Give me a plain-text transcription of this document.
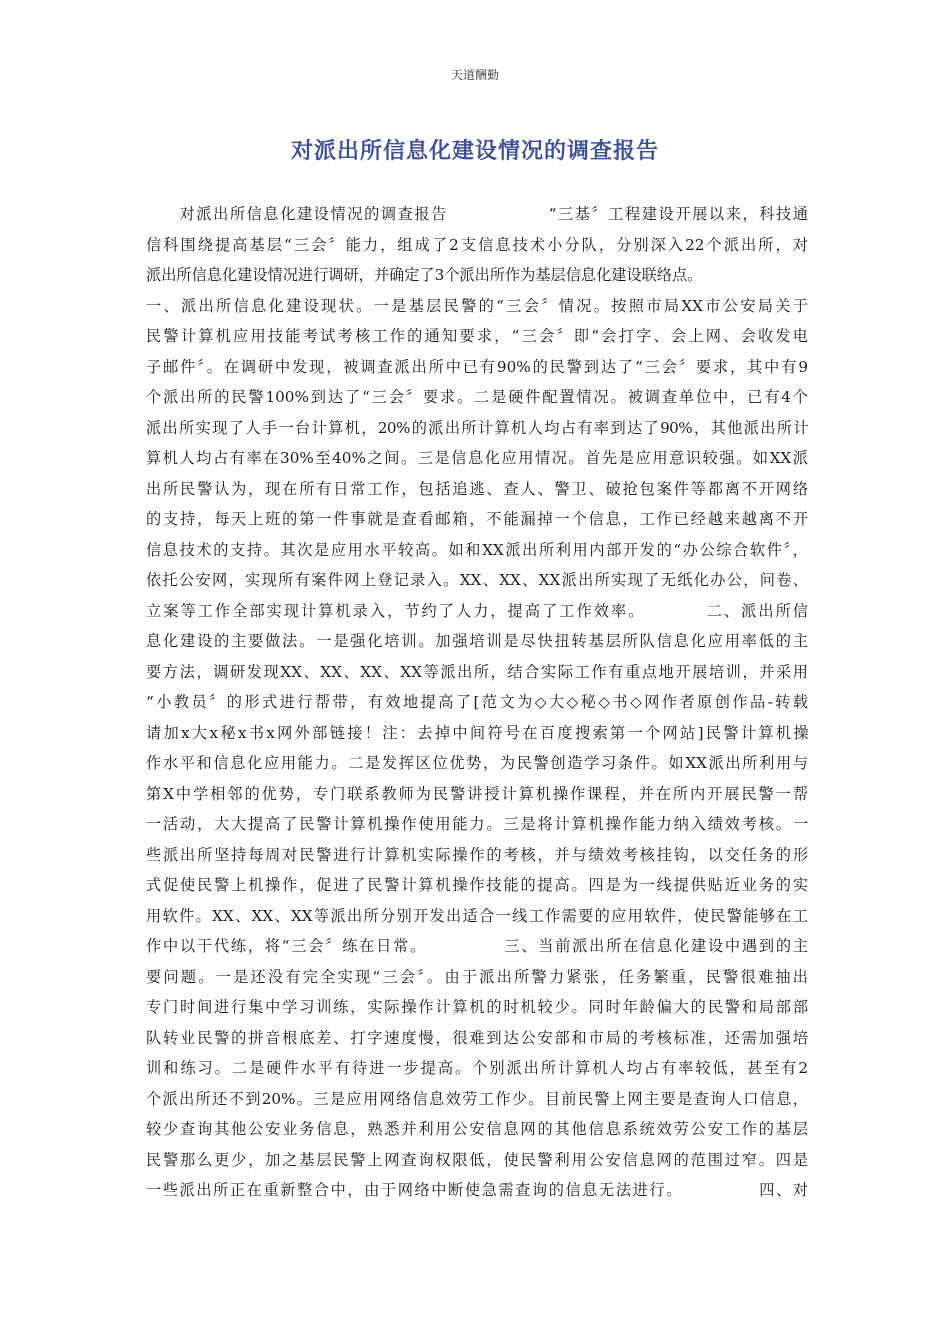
天道酬勤
对派出所信息化建设情况的调查报告
　　对派出所信息化建设情况的调查报告　　　　　　“三基〞工程建设开展以来，科技通
信科围绕提高基层“三会〞能力，组成了2支信息技术小分队，分别深入22个派出所，对
派出所信息化建设情况进行调研，并确定了3个派出所作为基层信息化建设联络点。
一、派出所信息化建设现状。一是基层民警的“三会〞情况。按照市局XX市公安局关于
民警计算机应用技能考试考核工作的通知要求，“三会〞即“会打字、会上网、会收发电
子邮件〞。在调研中发现，被调查派出所中已有90%的民警到达了“三会〞要求，其中有9
个派出所的民警100%到达了“三会〞要求。二是硬件配置情况。被调查单位中，已有4个
派出所实现了人手一台计算机，20%的派出所计算机人均占有率到达了90%，其他派出所计
算机人均占有率在30%至40%之间。三是信息化应用情况。首先是应用意识较强。如XX派
出所民警认为，现在所有日常工作，包括追逃、查人、警卫、破抢包案件等都离不开网络
的支持，每天上班的第一件事就是查看邮箱，不能漏掉一个信息，工作已经越来越离不开
信息技术的支持。其次是应用水平较高。如和XX派出所利用内部开发的“办公综合软件〞，
依托公安网，实现所有案件网上登记录入。XX、XX、XX派出所实现了无纸化办公，问卷、
立案等工作全部实现计算机录入，节约了人力，提高了工作效率。　　　　二、派出所信
息化建设的主要做法。一是强化培训。加强培训是尽快扭转基层所队信息化应用率低的主
要方法，调研发现XX、XX、XX、XX等派出所，结合实际工作有重点地开展培训，并采用
“小教员〞的形式进行帮带，有效地提高了[范文为◇大◇秘◇书◇网作者原创作品-转载
请加x大x秘x书x网外部链接！注：去掉中间符号在百度搜索第一个网站]民警计算机操
作水平和信息化应用能力。二是发挥区位优势，为民警创造学习条件。如XX派出所利用与
第X中学相邻的优势，专门联系教师为民警讲授计算机操作课程，并在所内开展民警一帮
一活动，大大提高了民警计算机操作使用能力。三是将计算机操作能力纳入绩效考核。一
些派出所坚持每周对民警进行计算机实际操作的考核，并与绩效考核挂钩，以交任务的形
式促使民警上机操作，促进了民警计算机操作技能的提高。四是为一线提供贴近业务的实
用软件。XX、XX、XX等派出所分别开发出适合一线工作需要的应用软件，使民警能够在工
作中以干代练，将“三会〞练在日常。　　　　　三、当前派出所在信息化建设中遇到的主
要问题。一是还没有完全实现“三会〞。由于派出所警力紧张，任务繁重，民警很难抽出
专门时间进行集中学习训练，实际操作计算机的时机较少。同时年龄偏大的民警和局部部
队转业民警的拼音根底差、打字速度慢，很难到达公安部和市局的考核标准，还需加强培
训和练习。二是硬件水平有待进一步提高。个别派出所计算机人均占有率较低，甚至有2
个派出所还不到20%。三是应用网络信息效劳工作少。目前民警上网主要是查询人口信息，
较少查询其他公安业务信息，熟悉并利用公安信息网的其他信息系统效劳公安工作的基层
民警那么更少，加之基层民警上网查询权限低，使民警利用公安信息网的范围过窄。四是
一些派出所正在重新整合中，由于网络中断使急需查询的信息无法进行。　　　　　四、对
